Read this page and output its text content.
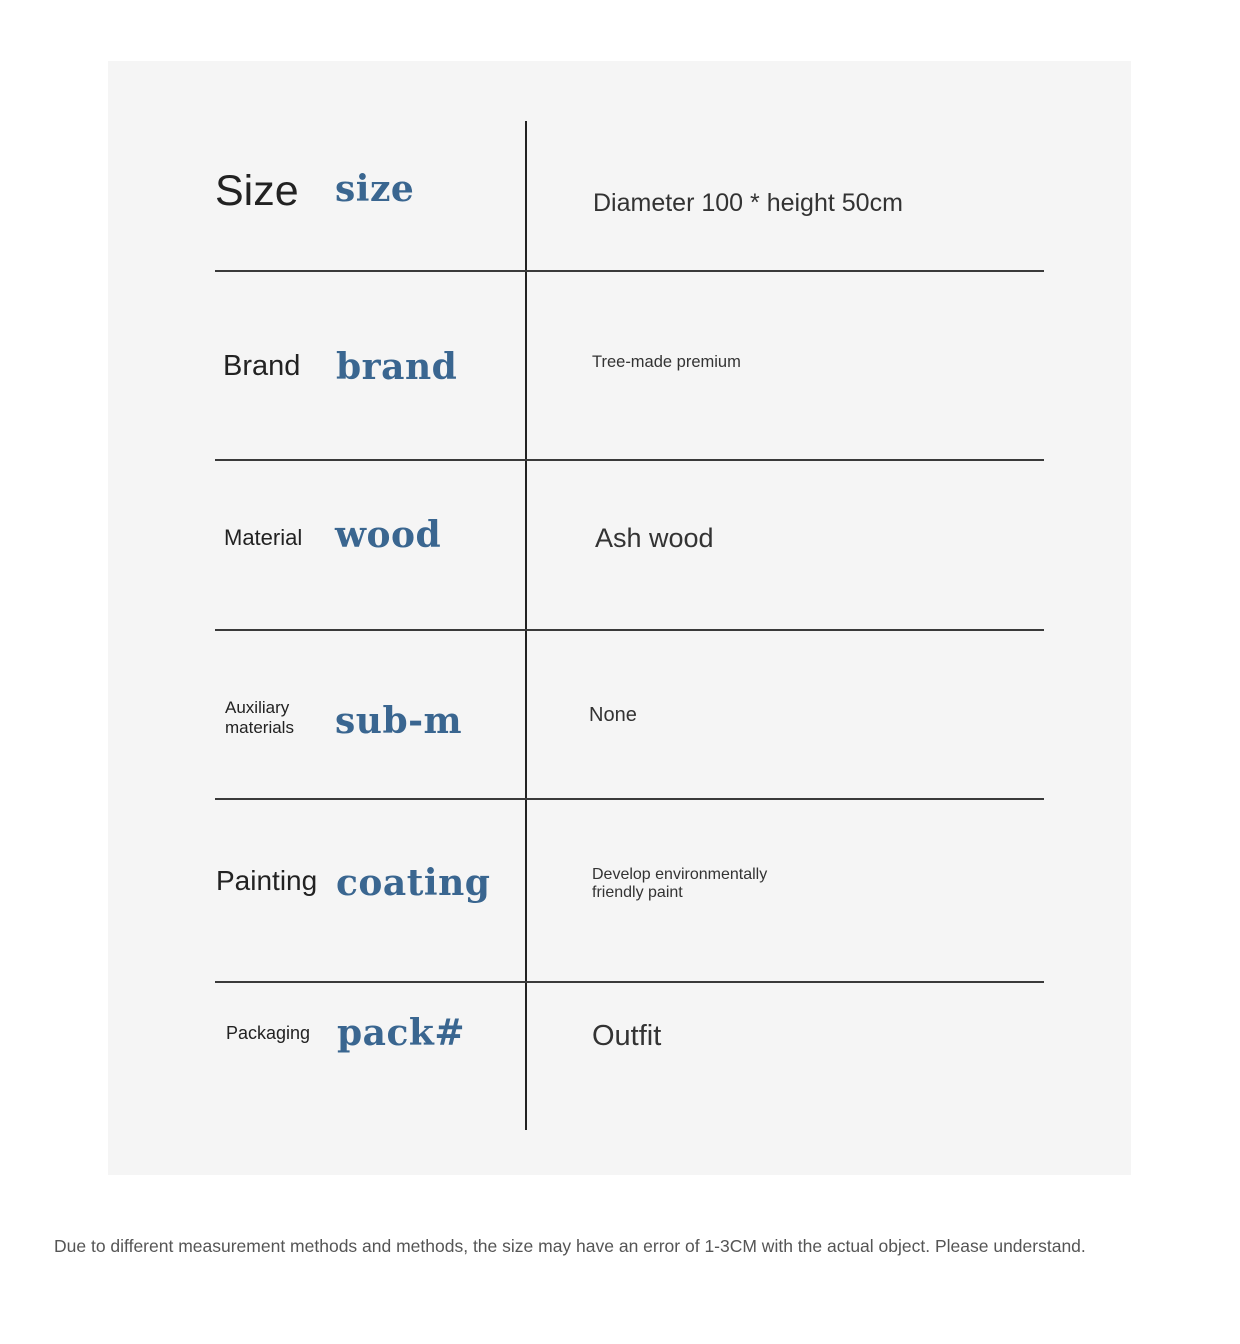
Size size	Diameter 100 * height 50cm
Brand brand	Tree-made premium
Material wood	Ash wood
Auxiliary
materials sub-m	None
Painting coating	Develop environmentally
friendly paint
Packaging pack#	Outfit
Due to different measurement methods and methods, the size may have an error of 1-3CM with the actual object. Please understand.
